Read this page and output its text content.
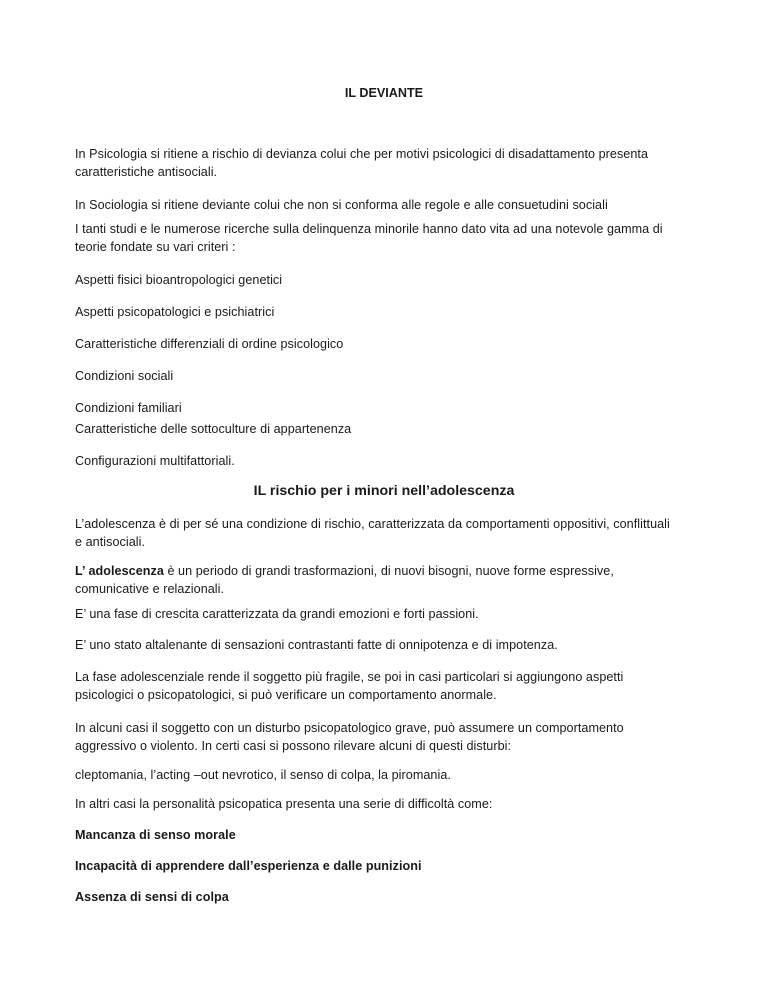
IL DEVIANTE

In Psicologia si ritiene a rischio di devianza colui che per motivi psicologici di disadattamento presenta

caratteristiche antisociali.

In Sociologia si ritiene deviante colui che non si conforma alle regole e alle consuetudini sociali

I tanti studi e le numerose ricerche sulla delinquenza minorile hanno dato vita ad una notevole gamma di

teorie fondate su vari criteri :

Aspetti fisici bioantropologici genetici

Aspetti psicopatologici e psichiatrici

Caratteristiche differenziali di ordine psicologico

Condizioni sociali

Condizioni familiari

Caratteristiche delle sottoculture di appartenenza

Configurazioni multifattoriali.

IL rischio per i minori nell’adolescenza

L’adolescenza è di per sé una condizione di rischio, caratterizzata da comportamenti oppositivi, conflittuali

e antisociali.

L’ adolescenza è un periodo di grandi trasformazioni, di nuovi bisogni, nuove forme espressive,

comunicative e relazionali.

E’ una fase di crescita caratterizzata da grandi emozioni e forti passioni.

E’ uno stato altalenante di sensazioni contrastanti fatte di onnipotenza e di impotenza.

La fase adolescenziale rende il soggetto più fragile, se poi in casi particolari si aggiungono aspetti

psicologici o psicopatologici, si può verificare un comportamento anormale.

In alcuni casi il soggetto con un disturbo psicopatologico grave, può assumere un comportamento

aggressivo o violento. In certi casi si possono rilevare alcuni di questi disturbi:

cleptomania, l’acting –out nevrotico, il senso di colpa, la piromania.

In altri casi la personalità psicopatica presenta una serie di difficoltà come:

Mancanza di senso morale

Incapacità di apprendere dall’esperienza e dalle punizioni

Assenza di sensi di colpa
